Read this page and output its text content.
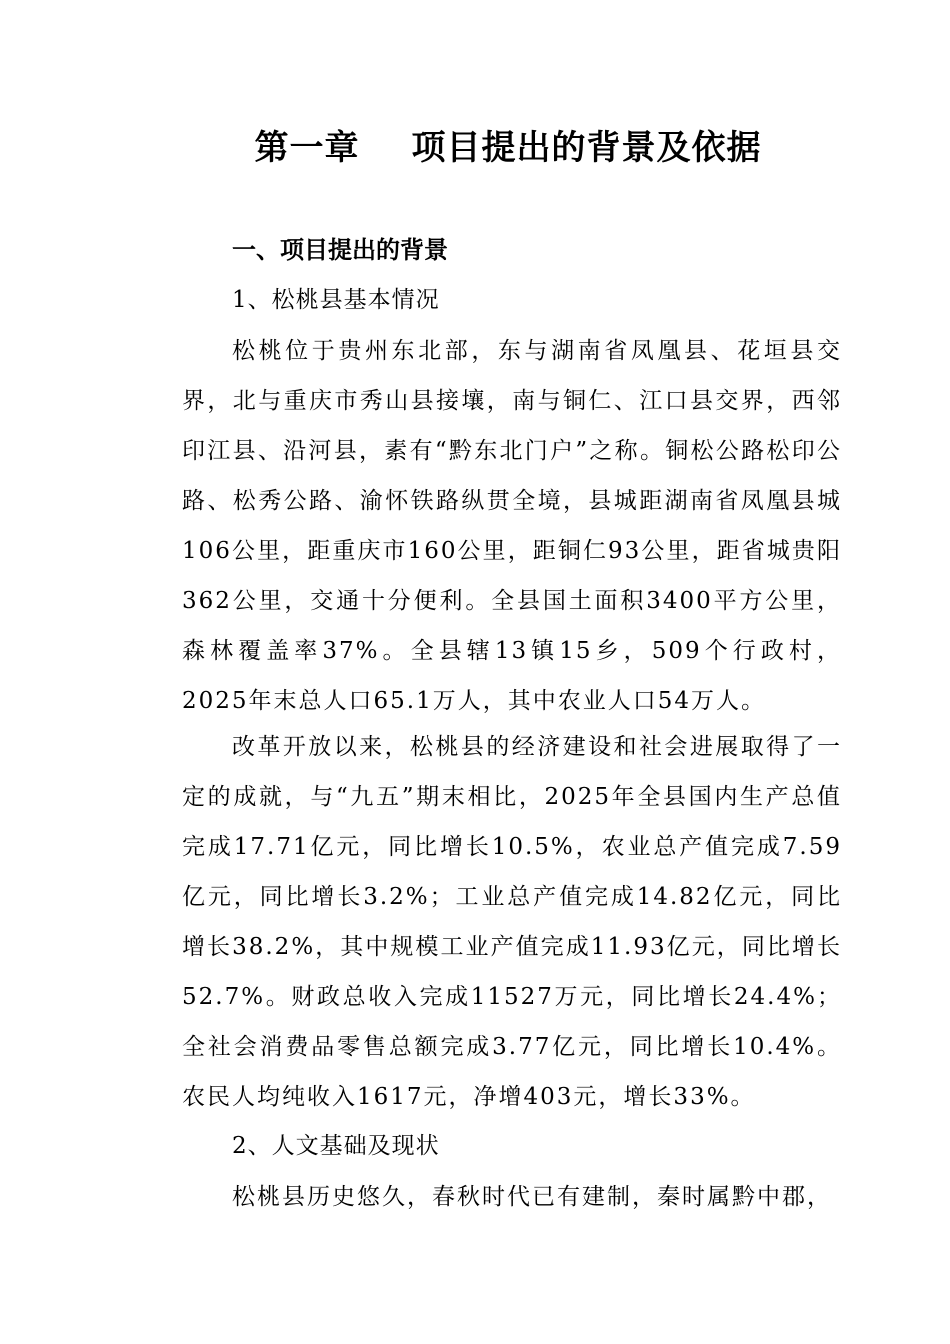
第一章 项目提出的背景及依据
一、项目提出的背景
1、松桃县基本情况
松桃位于贵州东北部，东与湖南省凤凰县、花垣县交界，北与重庆市秀山县接壤，南与铜仁、江口县交界，西邻印江县、沿河县，素有“黔东北门户”之称。铜松公路松印公路、松秀公路、渝怀铁路纵贯全境，县城距湖南省凤凰县城106公里，距重庆市160公里，距铜仁93公里，距省城贵阳362公里，交通十分便利。全县国土面积3400平方公里，森林覆盖率37%。全县辖13镇15乡，509个行政村，2025年末总人口65.1万人，其中农业人口54万人。
改革开放以来，松桃县的经济建设和社会进展取得了一定的成就，与“九五”期末相比，2025年全县国内生产总值完成17.71亿元，同比增长10.5%，农业总产值完成7.59亿元，同比增长3.2%；工业总产值完成14.82亿元，同比增长38.2%，其中规模工业产值完成11.93亿元，同比增长52.7%。财政总收入完成11527万元，同比增长24.4%；全社会消费品零售总额完成3.77亿元，同比增长10.4%。农民人均纯收入1617元，净增403元，增长33%。
2、人文基础及现状
松桃县历史悠久，春秋时代已有建制，秦时属黔中郡，
